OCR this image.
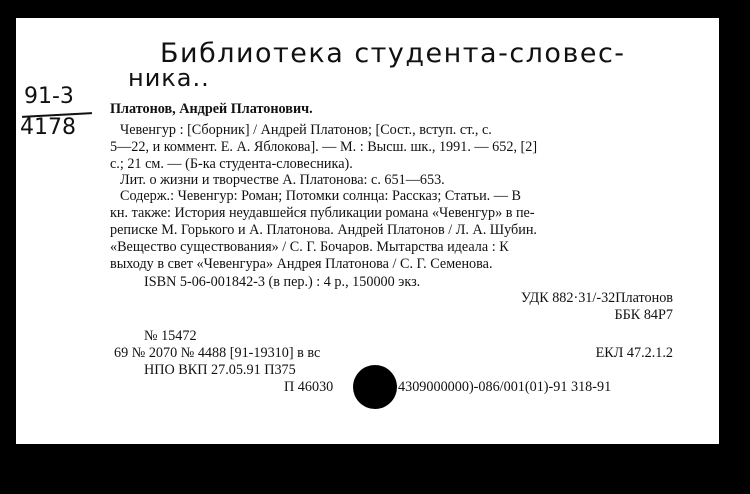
Библиотека студента-словес-
ника..
91-3
4178
Платонов, Андрей Платонович.
Чевенгур : [Сборник] / Андрей Платонов; [Сост., вступ. ст., с.
5—22, и коммент. Е. А. Яблокова]. — М. : Высш. шк., 1991. — 652, [2]
с.; 21 см. — (Б-ка студента-словесника).
Лит. о жизни и творчестве А. Платонова: с. 651—653.
Содерж.: Чевенгур: Роман; Потомки солнца: Рассказ; Статьи. — В
кн. также: История неудавшейся публикации романа «Чевенгур» в пе-
реписке М. Горького и А. Платонова. Андрей Платонов / Л. А. Шубин.
«Вещество существования» / С. Г. Бочаров. Мытарства идеала : К
выходу в свет «Чевенгура» Андрея Платонова / С. Г. Семенова.
ISBN 5-06-001842-3 (в пер.) : 4 р., 150000 экз.
УДК 882·31/-32Платонов
ББК 84Р7
№ 15472
69 № 2070 № 4488 [91-19310] в вс	ЕКЛ 47.2.1.2
НПО ВКП 27.05.91 П375
П 46030	4309000000)-086/001(01)-91 318-91
